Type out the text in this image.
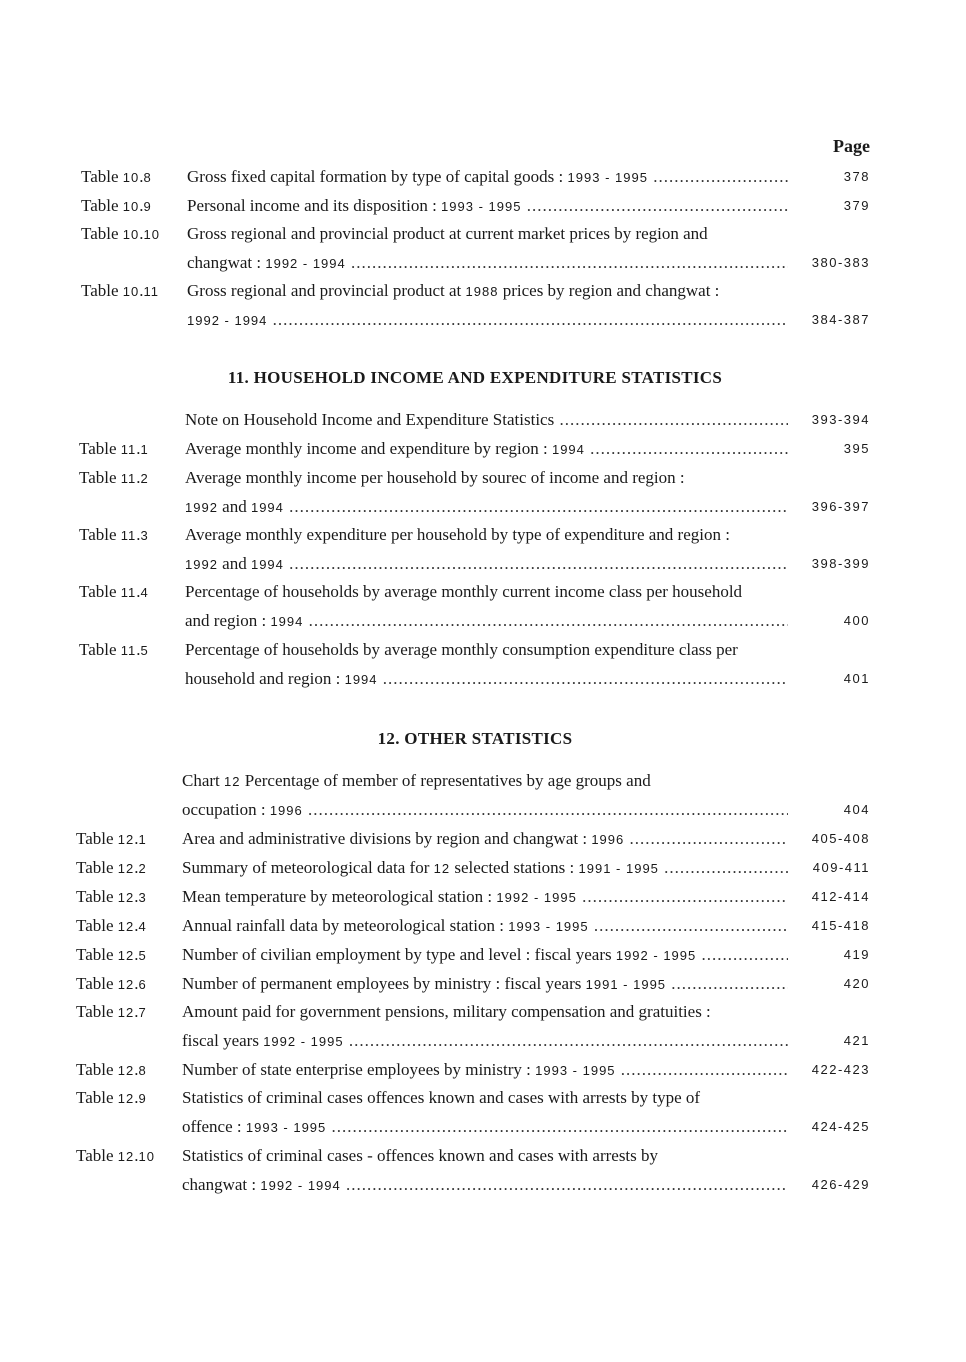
Page
Table 10.8 Gross fixed capital formation by type of capital goods : 1993 - 1995 .....	378
Table 10.9 Personal income and its disposition : 1993 - 1995 .....	379
Table 10.10 Gross regional and provincial product at current market prices by region and
changwat : 1992 - 1994 .....	380-383
Table 10.11 Gross regional and provincial product at 1988 prices by region and changwat :
1992 - 1994 .....	384-387
11. HOUSEHOLD INCOME AND EXPENDITURE STATISTICS
Note on Household Income and Expenditure Statistics .....	393-394
Table 11.1 Average monthly income and expenditure by region : 1994 .....	395
Table 11.2 Average monthly income per household by sourec of income and region :
1992 and 1994 .....	396-397
Table 11.3 Average monthly expenditure per household by type of expenditure and region :
1992 and 1994 .....	398-399
Table 11.4 Percentage of households by average monthly current income class per household
and region : 1994 .....	400
Table 11.5 Percentage of households by average monthly consumption expenditure class per
household and region : 1994 .....	401
12. OTHER STATISTICS
Chart 12 Percentage of member of representatives by age groups and
occupation : 1996 .....	404
Table 12.1 Area and administrative divisions by region and changwat : 1996 .....	405-408
Table 12.2 Summary of meteorological data for 12 selected stations : 1991 - 1995 .....	409-411
Table 12.3 Mean temperature by meteorological station : 1992 - 1995 .....	412-414
Table 12.4 Annual rainfall data by meteorological station : 1993 - 1995 .....	415-418
Table 12.5 Number of civilian employment by type and level : fiscal years 1992 - 1995 .....	419
Table 12.6 Number of permanent employees by ministry : fiscal years 1991 - 1995 .....	420
Table 12.7 Amount paid for government pensions, military compensation and gratuities :
fiscal years 1992 - 1995 .....	421
Table 12.8 Number of state enterprise employees by ministry : 1993 - 1995 .....	422-423
Table 12.9 Statistics of criminal cases offences known and cases with arrests by type of
offence : 1993 - 1995 .....	424-425
Table 12.10 Statistics of criminal cases - offences known and cases with arrests by
changwat : 1992 - 1994 .....	426-429
